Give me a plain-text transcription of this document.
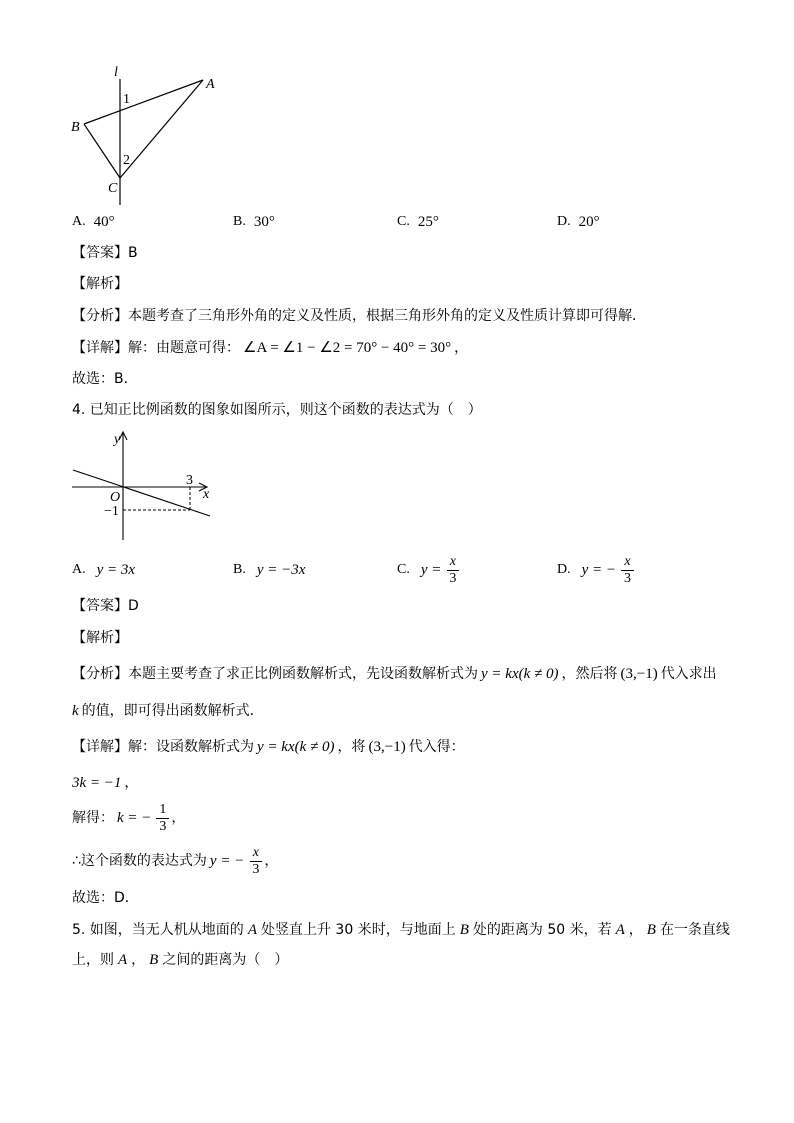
l
A
B
C
1
2
A. 40°	B. 30°	C. 25°	D. 20°
【答案】B
【解析】
【分析】本题考查了三角形外角的定义及性质，根据三角形外角的定义及性质计算即可得解．
【详解】解：由题意可得： ∠A = ∠1 − ∠2 = 70° − 40° = 30° ，
故选：B．
4. 已知正比例函数的图象如图所示，则这个函数的表达式为（　）
y
x
O
3
−1
A. y = 3x	B. y = −3x	C. $y = \frac{x}{3}$	D. y = − $\frac{x}{3}$
【答案】D
【解析】
【分析】本题主要考查了求正比例函数解析式，先设函数解析式为 y = kx(k ≠ 0) ，然后将 (3,−1) 代入求出
k 的值，即可得出函数解析式．
【详解】解：设函数解析式为 y = kx(k ≠ 0) ，将 (3,−1) 代入得：
3k = −1 ，
解得： k = − $\frac{1}{3}$ ，
∴这个函数的表达式为 y = − $\frac{x}{3}$ ，
故选：D．
5. 如图，当无人机从地面的 A 处竖直上升 30 米时，与地面上 B 处的距离为 50 米，若 A ， B 在一条直线
上，则 A ， B 之间的距离为（　）
